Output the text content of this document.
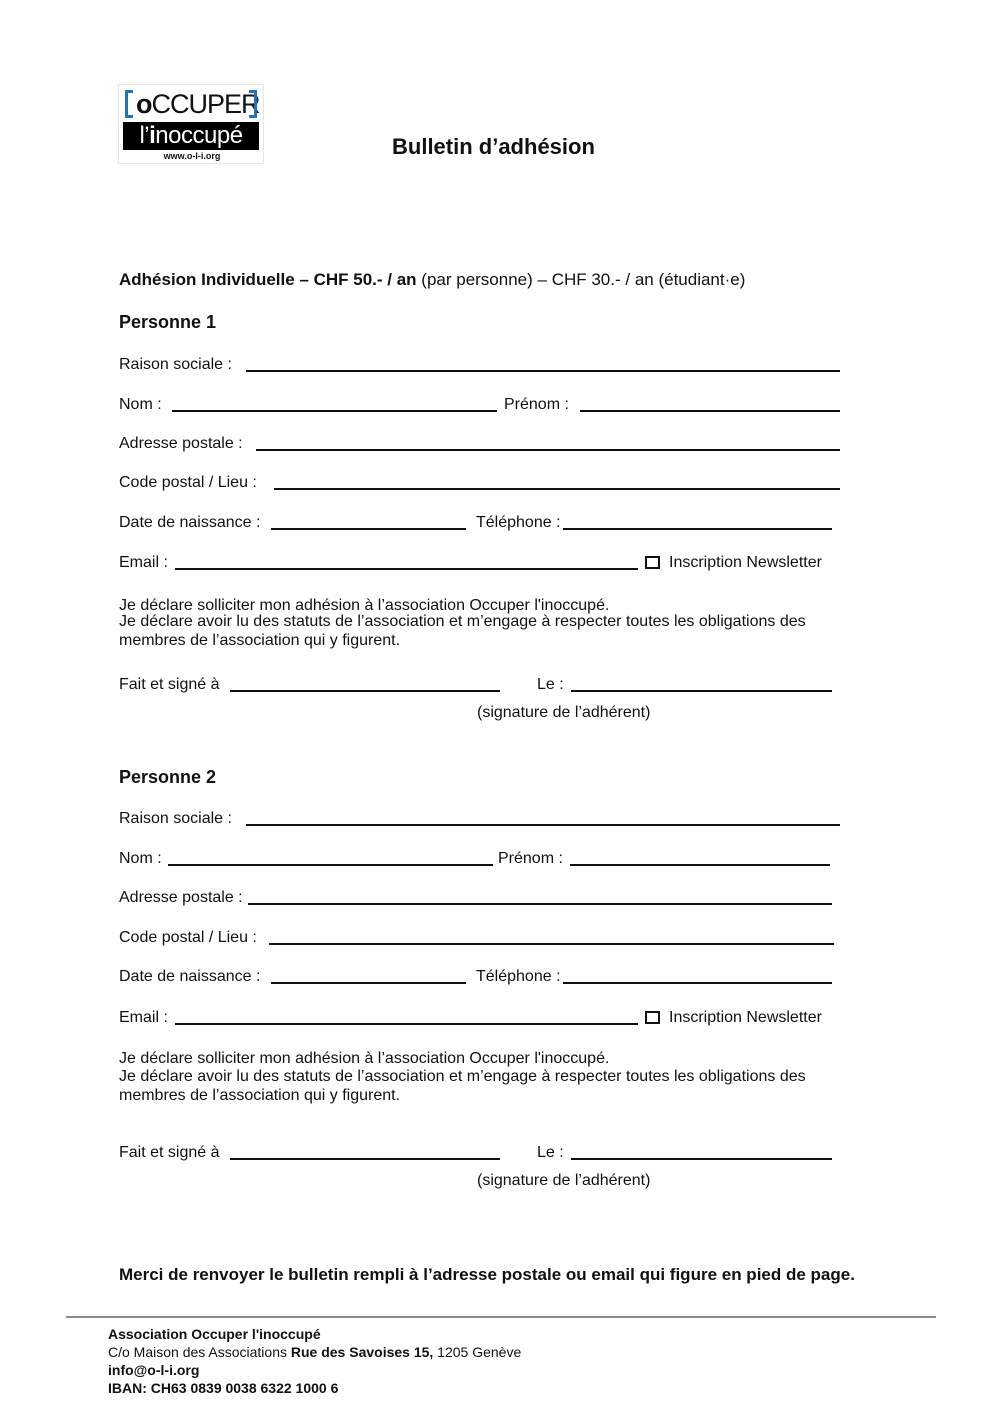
oCCUPER
l’inoccupé
www.o-l-i.org	Bulletin d’adhésion
Adhésion Individuelle – CHF 50.- / an (par personne) – CHF 30.- / an (étudiant·e)
Personne 1
Raison sociale :
Nom :	Prénom :
Adresse postale :
Code postal / Lieu :
Date de naissance :	Téléphone :
Email :	Inscription Newsletter
Je déclare solliciter mon adhésion à l’association Occuper l'inoccupé.
Je déclare avoir lu des statuts de l’association et m’engage à respecter toutes les obligations des membres de l’association qui y figurent.
Fait et signé à	Le :
(signature de l’adhérent)
Personne 2
Raison sociale :
Nom :	Prénom :
Adresse postale :
Code postal / Lieu :
Date de naissance :	Téléphone :
Email :	Inscription Newsletter
Je déclare solliciter mon adhésion à l’association Occuper l'inoccupé.
Je déclare avoir lu des statuts de l’association et m’engage à respecter toutes les obligations des membres de l’association qui y figurent.
Fait et signé à	Le :
(signature de l’adhérent)
Merci de renvoyer le bulletin rempli à l’adresse postale ou email qui figure en pied de page.
Association Occuper l'inoccupé
C/o Maison des Associations Rue des Savoises 15, 1205 Genève
info@o-l-i.org
IBAN: CH63 0839 0038 6322 1000 6
